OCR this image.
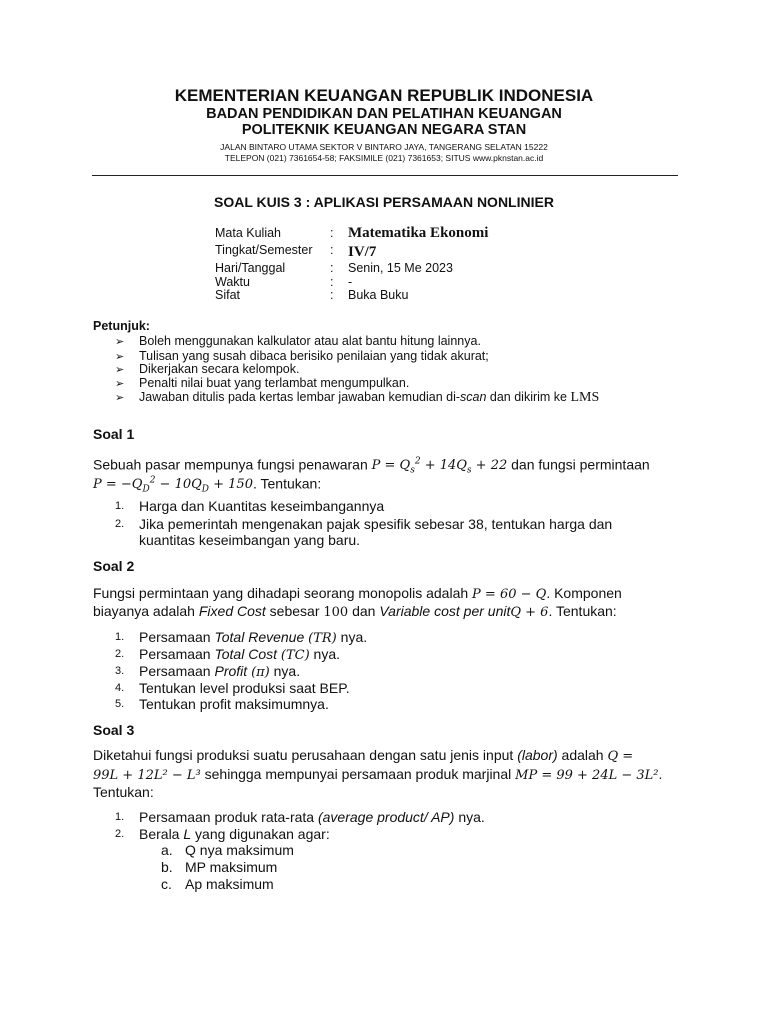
KEMENTERIAN KEUANGAN REPUBLIK INDONESIA
BADAN PENDIDIKAN DAN PELATIHAN KEUANGAN
POLITEKNIK KEUANGAN NEGARA STAN
JALAN BINTARO UTAMA SEKTOR V BINTARO JAYA, TANGERANG SELATAN 15222
TELEPON (021) 7361654-58; FAKSIMILE (021) 7361653; SITUS www.pknstan.ac.id
SOAL KUIS 3 : APLIKASI PERSAMAAN NONLINIER
Mata Kuliah	: Matematika Ekonomi
Tingkat/Semester : IV/7
Hari/Tanggal	: Senin, 15 Me 2023
Waktu	: -
Sifat	: Buka Buku
Petunjuk:
➢ Boleh menggunakan kalkulator atau alat bantu hitung lainnya.
➢ Tulisan yang susah dibaca berisiko penilaian yang tidak akurat;
➢ Dikerjakan secara kelompok.
➢ Penalti nilai buat yang terlambat mengumpulkan.
➢ Jawaban ditulis pada kertas lembar jawaban kemudian di-scan dan dikirim ke LMS
Soal 1
Sebuah pasar mempunya fungsi penawaran $P = Q_s^2 + 14Q_s + 22$ dan fungsi permintaan
$P = -Q_D^2 - 10Q_D + 150$. Tentukan:
1. Harga dan Kuantitas keseimbangannya
2. Jika pemerintah mengenakan pajak spesifik sebesar 38, tentukan harga dan
kuantitas keseimbangan yang baru.
Soal 2
Fungsi permintaan yang dihadapi seorang monopolis adalah P = 60 − Q. Komponen
biayanya adalah Fixed Cost sebesar 100 dan Variable cost per unitQ + 6. Tentukan:
1. Persamaan Total Revenue (TR) nya.
2. Persamaan Total Cost (TC) nya.
3. Persamaan Profit (π) nya.
4. Tentukan level produksi saat BEP.
5. Tentukan profit maksimumnya.
Soal 3
Diketahui fungsi produksi suatu perusahaan dengan satu jenis input (labor) adalah Q =
99L + 12L² − L³ sehingga mempunyai persamaan produk marjinal MP = 99 + 24L − 3L².
Tentukan:
1. Persamaan produk rata-rata (average product/ AP) nya.
2. Berala L yang digunakan agar:
a. Q nya maksimum
b. MP maksimum
c. Ap maksimum
